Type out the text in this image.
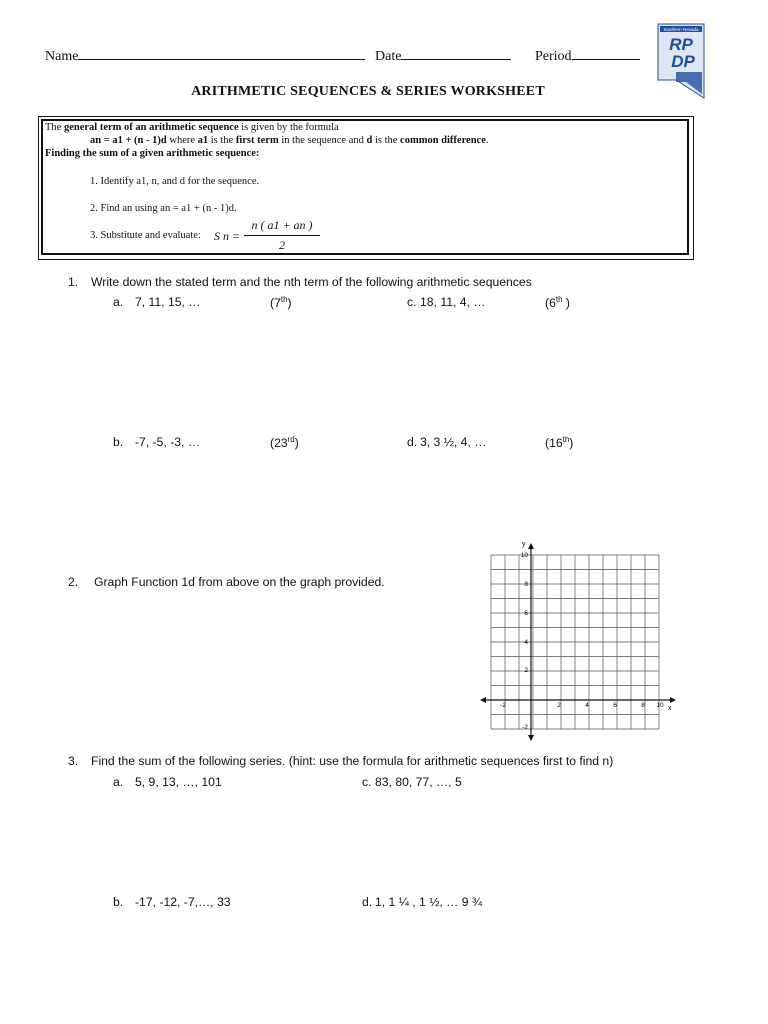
Name	Date	Period
Southern Nevada
RP
DP
ARITHMETIC SEQUENCES & SERIES WORKSHEET
The general term of an arithmetic sequence is given by the formula
an = a1 + (n - 1)d where a1 is the first term in the sequence and d is the common difference.
Finding the sum of a given arithmetic sequence:
1. Identify a1, n, and d for the sequence.
2. Find an using an = a1 + (n - 1)d.
3. Substitute and evaluate: S n =
n ( a1 + an )
2
1. Write down the stated term and the nth term of the following arithmetic sequences
a. 7, 11, 15, …	(7th)	c. 18, 11, 4, …	(6th )
b. -7, -5, -3, …	(23rd)	d. 3, 3 ½, 4, …	(16th)
2. Graph Function 1d from above on the graph provided.
x
y
-2	2	4	6	8 10
10
8
6
4
2
-2
3. Find the sum of the following series. (hint: use the formula for arithmetic sequences first to find n)
a. 5, 9, 13, …, 101	c. 83, 80, 77, …, 5
b. -17, -12, -7,…, 33	d. 1, 1 ¼ , 1 ½, … 9 ¾
